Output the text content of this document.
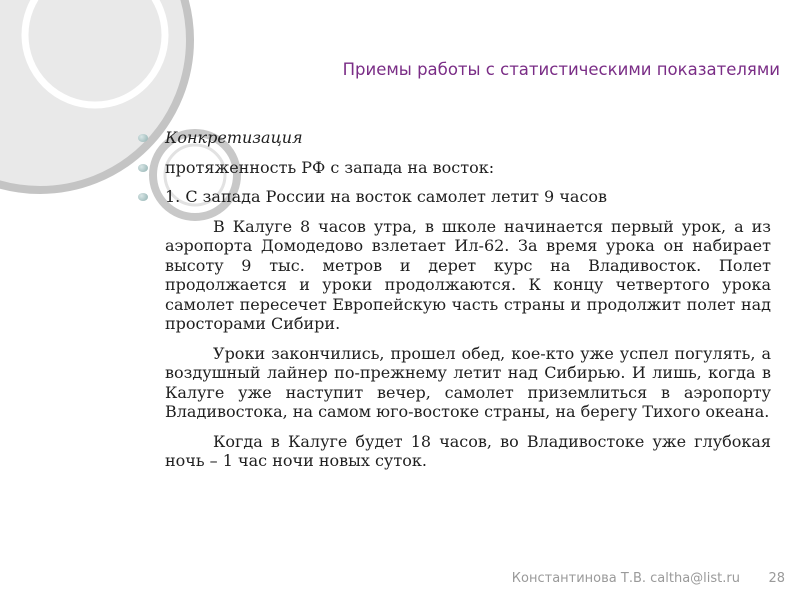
Приемы работы с статистическими показателями
Конкретизация
протяженность РФ с запада на восток:
1. С запада России на восток самолет летит 9 часов
В Калуге 8 часов утра, в школе начинается первый урок, а из аэропорта Домодедово взлетает Ил-62. За время урока он набирает высоту 9 тыс. метров и дерет курс на Владивосток. Полет продолжается и уроки продолжаются. К концу четвертого урока самолет пересечет Европейскую часть страны и продолжит полет над просторами Сибири.
Уроки закончились, прошел обед, кое-кто уже успел погулять, а воздушный лайнер по-прежнему летит над Сибирью. И лишь, когда в Калуге уже наступит вечер, самолет приземлиться в аэропорту Владивостока, на самом юго-востоке страны, на берегу Тихого океана.
Когда в Калуге будет 18 часов, во Владивостоке уже глубокая ночь – 1 час ночи новых суток.
Константинова Т.В. caltha@list.ru	28
